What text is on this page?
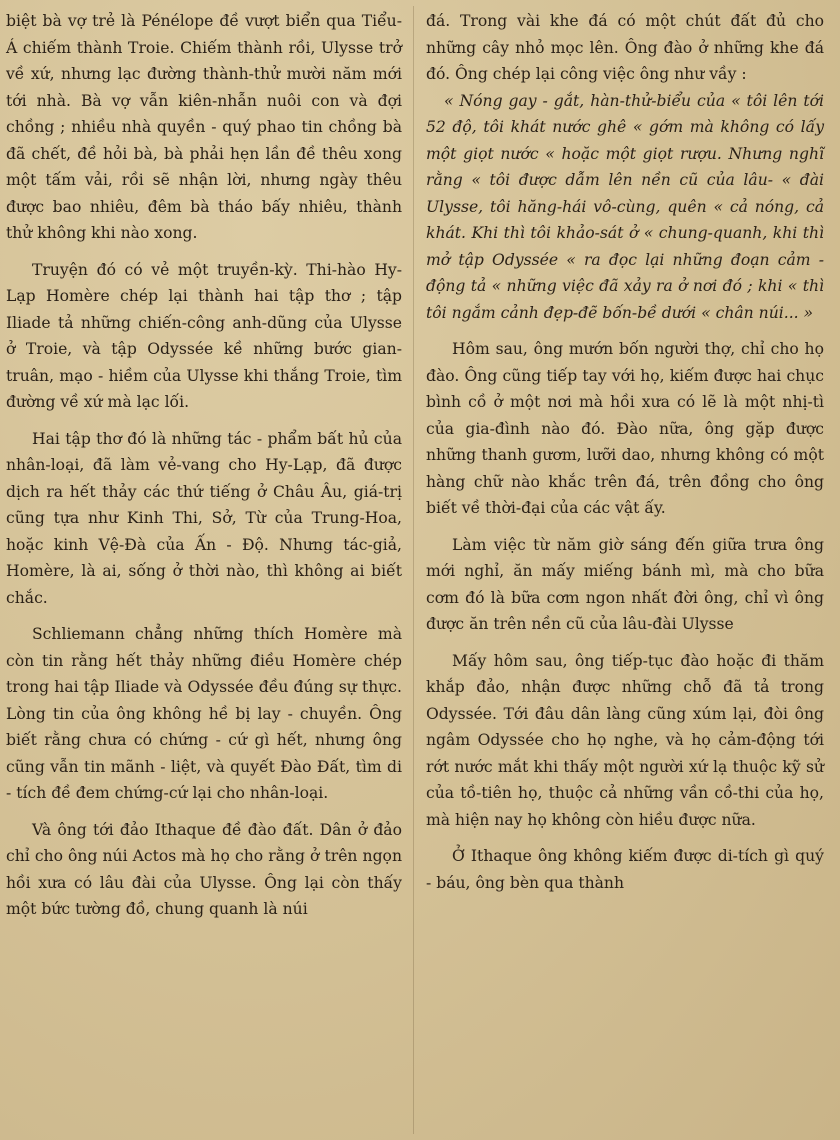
biệt bà vợ trẻ là Pénélope đề vượt biển qua Tiểu-Á chiếm thành Troie. Chiếm thành rồi, Ulysse trở về xứ, nhưng lạc đường thành-thử mười năm mới tới nhà. Bà vợ vẫn kiên-nhẫn nuôi con và đợi chồng ; nhiều nhà quyền - quý phao tin chồng bà đã chết, đề hỏi bà, bà phải hẹn lần đề thêu xong một tấm vải, rồi sẽ nhận lời, nhưng ngày thêu được bao nhiêu, đêm bà tháo bấy nhiêu, thành thử không khi nào xong.

Truyện đó có vẻ một truyền-kỳ. Thi-hào Hy-Lạp Homère chép lại thành hai tập thơ ; tập Iliade tả những chiến-công anh-dũng của Ulysse ở Troie, và tập Odyssée kề những bước gian-truân, mạo - hiềm của Ulysse khi thắng Troie, tìm đường về xứ mà lạc lối.

Hai tập thơ đó là những tác - phẩm bất hủ của nhân-loại, đã làm vẻ-vang cho Hy-Lạp, đã được dịch ra hết thảy các thứ tiếng ở Châu Âu, giá-trị cũng tựa như Kinh Thi, Sở, Từ của Trung-Hoa, hoặc kinh Vệ-Đà của Ấn - Độ. Nhưng tác-giả, Homère, là ai, sống ở thời nào, thì không ai biết chắc.

Schliemann chẳng những thích Homère mà còn tin rằng hết thảy những điều Homère chép trong hai tập Iliade và Odyssée đều đúng sự thực. Lòng tin của ông không hề bị lay - chuyền. Ông biết rằng chưa có chứng - cứ gì hết, nhưng ông cũng vẫn tin mãnh - liệt, và quyết Đào Đất, tìm di - tích đề đem chứng-cứ lại cho nhân-loại.

Và ông tới đảo Ithaque đề đào đất. Dân ở đảo chỉ cho ông núi Actos mà họ cho rằng ở trên ngọn hồi xưa có lâu đài của Ulysse. Ông lại còn thấy một bức tường đồ, chung quanh là núi

đá. Trong vài khe đá có một chút đất đủ cho những cây nhỏ mọc lên. Ông đào ở những khe đá đó. Ông chép lại công việc ông như vầy :

« Nóng gay - gắt, hàn-thử-biểu của « tôi lên tới 52 độ, tôi khát nước ghê « gớm mà không có lấy một giọt nước « hoặc một giọt rượu. Nhưng nghĩ rằng « tôi được dẫm lên nền cũ của lâu- « đài Ulysse, tôi hăng-hái vô-cùng, quên « cả nóng, cả khát. Khi thì tôi khảo-sát ở « chung-quanh, khi thì mở tập Odyssée « ra đọc lại những đoạn cảm - động tả « những việc đã xảy ra ở nơi đó ; khi « thì tôi ngắm cảnh đẹp-đẽ bốn-bề dưới « chân núi... »

Hôm sau, ông mướn bốn người thợ, chỉ cho họ đào. Ông cũng tiếp tay với họ, kiếm được hai chục bình cồ ở một nơi mà hồi xưa có lẽ là một nhị-tì của gia-đình nào đó. Đào nữa, ông gặp được những thanh gươm, lưỡi dao, nhưng không có một hàng chữ nào khắc trên đá, trên đồng cho ông biết về thời-đại của các vật ấy.

Làm việc từ năm giờ sáng đến giữa trưa ông mới nghỉ, ăn mấy miếng bánh mì, mà cho bữa cơm đó là bữa cơm ngon nhất đời ông, chỉ vì ông được ăn trên nền cũ của lâu-đài Ulysse

Mấy hôm sau, ông tiếp-tục đào hoặc đi thăm khắp đảo, nhận được những chỗ đã tả trong Odyssée. Tới đâu dân làng cũng xúm lại, đòi ông ngâm Odyssée cho họ nghe, và họ cảm-động tới rớt nước mắt khi thấy một người xứ lạ thuộc kỹ sử của tồ-tiên họ, thuộc cả những vần cồ-thi của họ, mà hiện nay họ không còn hiều được nữa.

Ở Ithaque ông không kiếm được di-tích gì quý - báu, ông bèn qua thành
